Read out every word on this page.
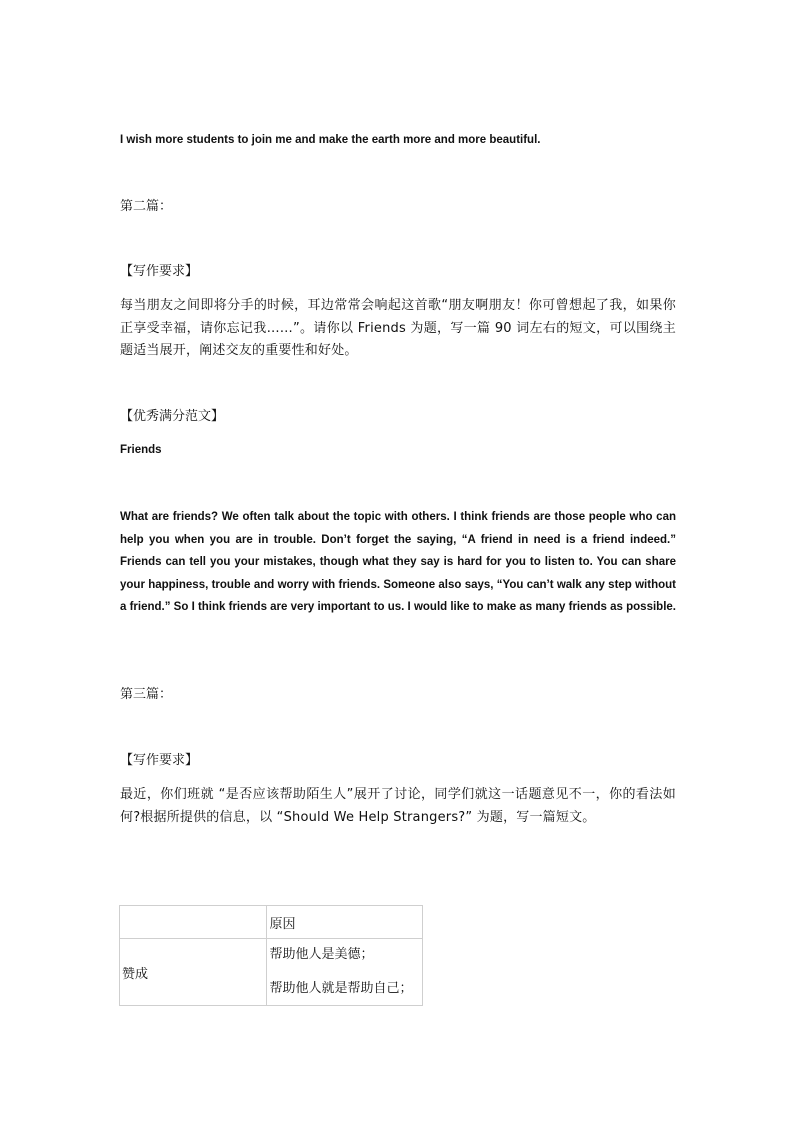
I wish more students to join me and make the earth more and more beautiful.

第二篇：

【写作要求】

每当朋友之间即将分手的时候，耳边常常会响起这首歌“朋友啊朋友！你可曾想起了我，如果你正享受幸福，请你忘记我……”。请你以 Friends 为题，写一篇 90 词左右的短文，可以围绕主题适当展开，阐述交友的重要性和好处。

【优秀满分范文】

Friends

What are friends? We often talk about the topic with others. I think friends are those people who can help you when you are in trouble. Don’t forget the saying, “A friend in need is a friend indeed.” Friends can tell you your mistakes, though what they say is hard for you to listen to. You can share your happiness, trouble and worry with friends. Someone also says, “You can’t walk any step without a friend.” So I think friends are very important to us. I would like to make as many friends as possible.

第三篇：

【写作要求】

最近，你们班就 “是否应该帮助陌生人”展开了讨论，同学们就这一话题意见不一，你的看法如何?根据所提供的信息，以 “Should We Help Strangers?” 为题，写一篇短文。

	原因
赞成	帮助他人是美德；

帮助他人就是帮助自己；
